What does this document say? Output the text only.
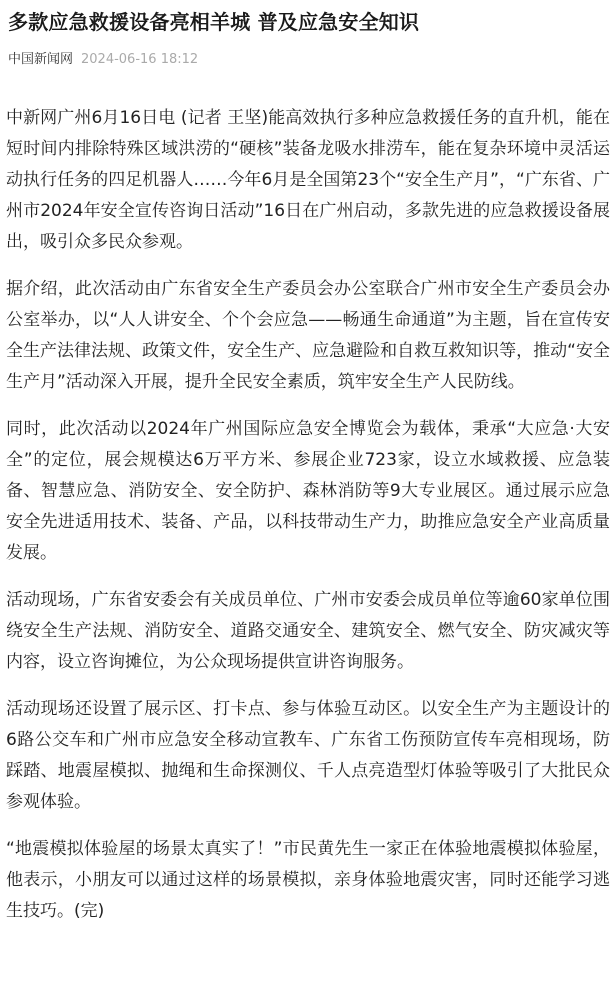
多款应急救援设备亮相羊城 普及应急安全知识
中国新闻网 2024-06-16 18:12

中新网广州6月16日电 (记者 王坚)能高效执行多种应急救援任务的直升机，能在短时间内排除特殊区域洪涝的“硬核”装备龙吸水排涝车，能在复杂环境中灵活运动执行任务的四足机器人……今年6月是全国第23个“安全生产月”，“广东省、广州市2024年安全宣传咨询日活动”16日在广州启动，多款先进的应急救援设备展出，吸引众多民众参观。

据介绍，此次活动由广东省安全生产委员会办公室联合广州市安全生产委员会办公室举办，以“人人讲安全、个个会应急——畅通生命通道”为主题，旨在宣传安全生产法律法规、政策文件，安全生产、应急避险和自救互救知识等，推动“安全生产月”活动深入开展，提升全民安全素质，筑牢安全生产人民防线。

同时，此次活动以2024年广州国际应急安全博览会为载体，秉承“大应急·大安全”的定位，展会规模达6万平方米、参展企业723家，设立水域救援、应急装备、智慧应急、消防安全、安全防护、森林消防等9大专业展区。通过展示应急安全先进适用技术、装备、产品，以科技带动生产力，助推应急安全产业高质量发展。

活动现场，广东省安委会有关成员单位、广州市安委会成员单位等逾60家单位围绕安全生产法规、消防安全、道路交通安全、建筑安全、燃气安全、防灾减灾等内容，设立咨询摊位，为公众现场提供宣讲咨询服务。

活动现场还设置了展示区、打卡点、参与体验互动区。以安全生产为主题设计的6路公交车和广州市应急安全移动宣教车、广东省工伤预防宣传车亮相现场，防踩踏、地震屋模拟、抛绳和生命探测仪、千人点亮造型灯体验等吸引了大批民众参观体验。

“地震模拟体验屋的场景太真实了！”市民黄先生一家正在体验地震模拟体验屋，他表示，小朋友可以通过这样的场景模拟，亲身体验地震灾害，同时还能学习逃生技巧。(完)
